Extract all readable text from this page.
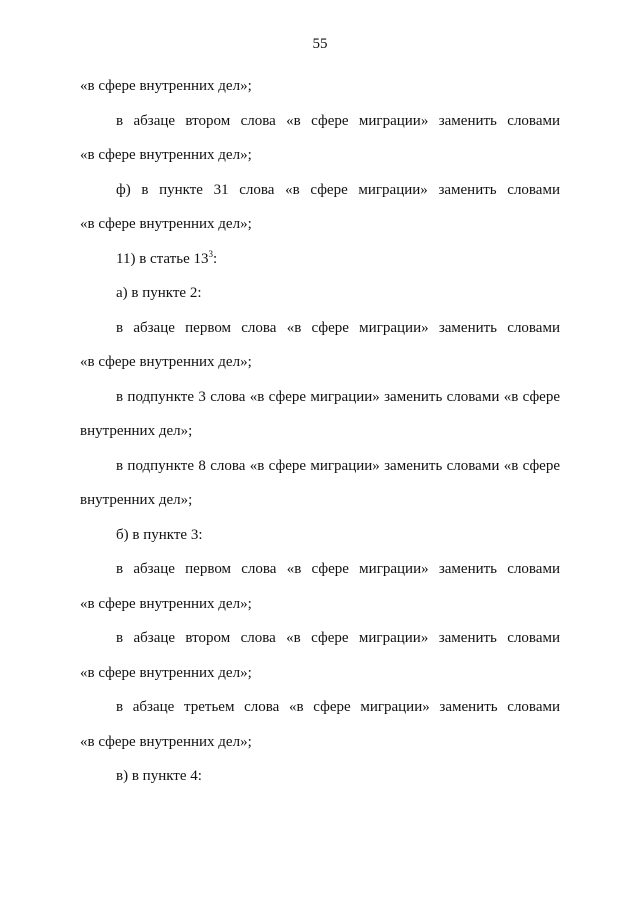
55
«в сфере внутренних дел»;
в абзаце втором слова «в сфере миграции» заменить словами
«в сфере внутренних дел»;
ф) в пункте 31 слова «в сфере миграции» заменить словами
«в сфере внутренних дел»;
11) в статье $13^3$:
а) в пункте 2:
в абзаце первом слова «в сфере миграции» заменить словами
«в сфере внутренних дел»;
в подпункте 3 слова «в сфере миграции» заменить словами «в сфере
внутренних дел»;
в подпункте 8 слова «в сфере миграции» заменить словами «в сфере
внутренних дел»;
б) в пункте 3:
в абзаце первом слова «в сфере миграции» заменить словами
«в сфере внутренних дел»;
в абзаце втором слова «в сфере миграции» заменить словами
«в сфере внутренних дел»;
в абзаце третьем слова «в сфере миграции» заменить словами
«в сфере внутренних дел»;
в) в пункте 4:
